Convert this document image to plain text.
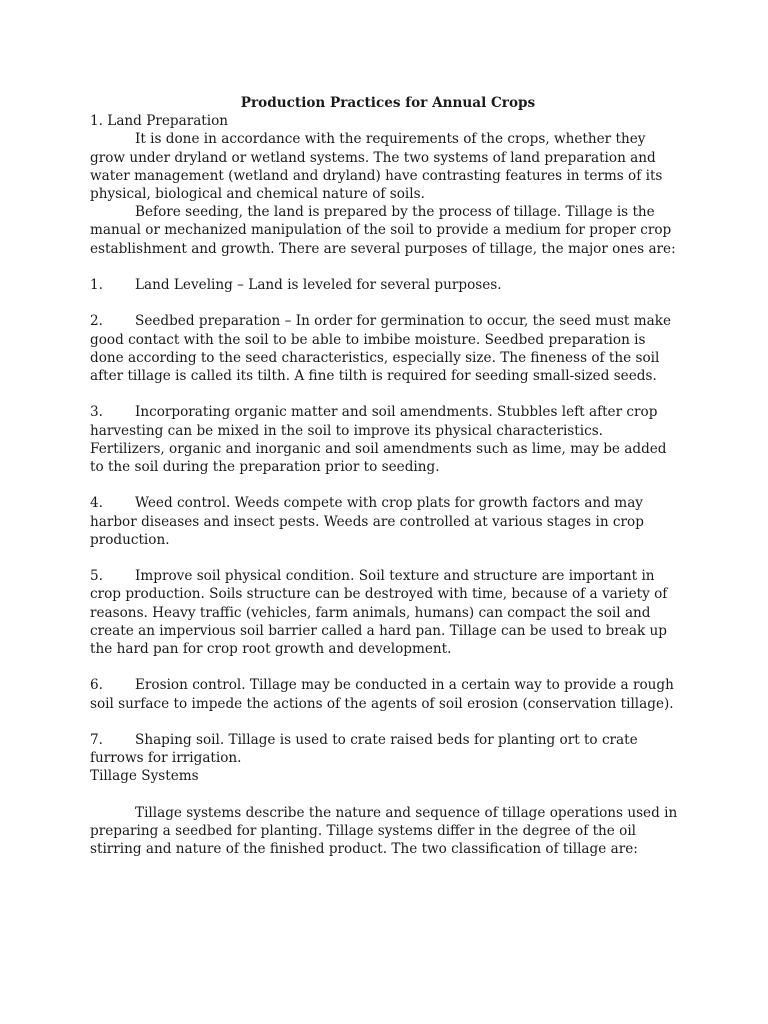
Production Practices for Annual Crops

1. Land Preparation

It is done in accordance with the requirements of the crops, whether they grow under dryland or wetland systems. The two systems of land preparation and water management (wetland and dryland) have contrasting features in terms of its physical, biological and chemical nature of soils.

Before seeding, the land is prepared by the process of tillage. Tillage is the manual or mechanized manipulation of the soil to provide a medium for proper crop establishment and growth. There are several purposes of tillage, the major ones are:

1. Land Leveling – Land is leveled for several purposes.

2. Seedbed preparation – In order for germination to occur, the seed must make good contact with the soil to be able to imbibe moisture. Seedbed preparation is done according to the seed characteristics, especially size. The fineness of the soil after tillage is called its tilth. A fine tilth is required for seeding small-sized seeds.

3. Incorporating organic matter and soil amendments. Stubbles left after crop harvesting can be mixed in the soil to improve its physical characteristics. Fertilizers, organic and inorganic and soil amendments such as lime, may be added to the soil during the preparation prior to seeding.

4. Weed control. Weeds compete with crop plats for growth factors and may harbor diseases and insect pests. Weeds are controlled at various stages in crop production.

5. Improve soil physical condition. Soil texture and structure are important in crop production. Soils structure can be destroyed with time, because of a variety of reasons. Heavy traffic (vehicles, farm animals, humans) can compact the soil and create an impervious soil barrier called a hard pan. Tillage can be used to break up the hard pan for crop root growth and development.

6. Erosion control. Tillage may be conducted in a certain way to provide a rough soil surface to impede the actions of the agents of soil erosion (conservation tillage).

7. Shaping soil. Tillage is used to crate raised beds for planting ort to crate furrows for irrigation.

Tillage Systems

Tillage systems describe the nature and sequence of tillage operations used in preparing a seedbed for planting. Tillage systems differ in the degree of the oil stirring and nature of the finished product. The two classification of tillage are:
